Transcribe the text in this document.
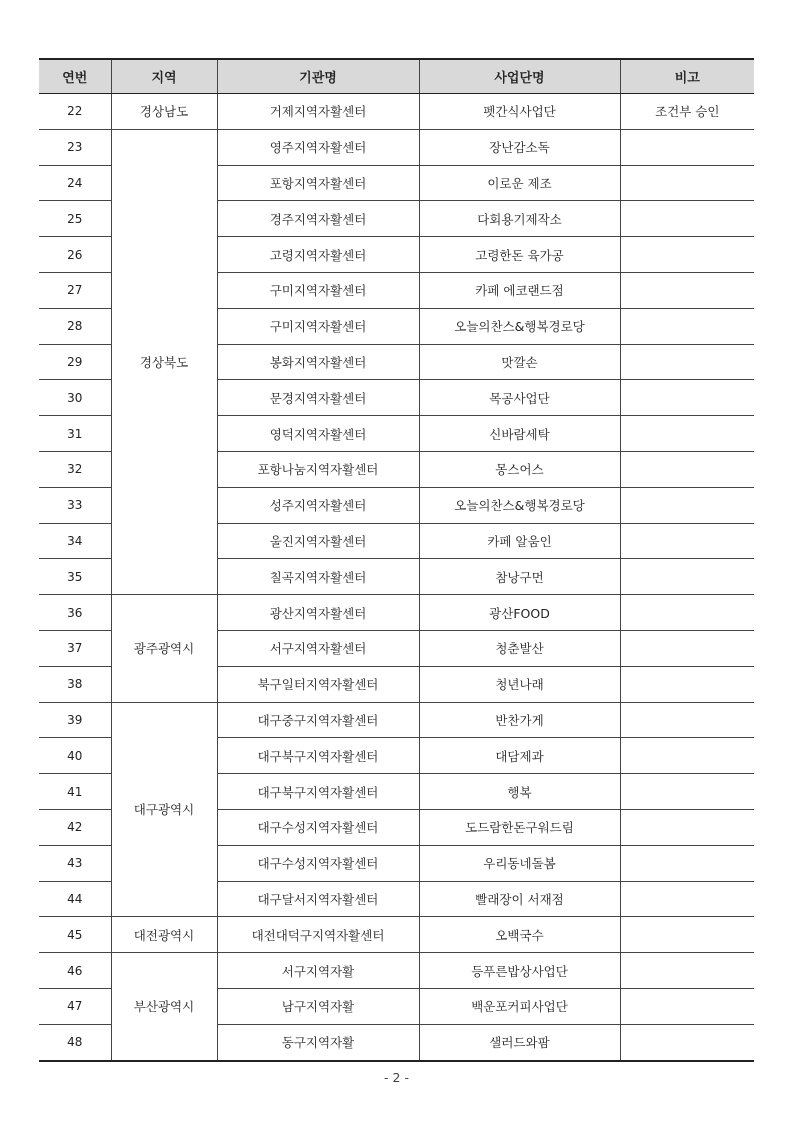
연번	지역	기관명	사업단명	비고
22	경상남도	거제지역자활센터	펫간식사업단	조건부 승인
23	경상북도	영주지역자활센터	장난감소독	
24		포항지역자활센터	이로운 제조	
25		경주지역자활센터	다회용기제작소	
26		고령지역자활센터	고령한돈 육가공	
27		구미지역자활센터	카페 에코랜드점	
28		구미지역자활센터	오늘의찬스&행복경로당	
29		봉화지역자활센터	맛깔손	
30		문경지역자활센터	목공사업단	
31		영덕지역자활센터	신바람세탁	
32		포항나눔지역자활센터	몽스어스	
33		성주지역자활센터	오늘의찬스&행복경로당	
34		울진지역자활센터	카페 알움인	
35		칠곡지역자활센터	참낭구먼	
36	광주광역시	광산지역자활센터	광산FOOD	
37		서구지역자활센터	청춘발산	
38		북구일터지역자활센터	청년나래	
39	대구광역시	대구중구지역자활센터	반찬가게	
40		대구북구지역자활센터	대담제과	
41		대구북구지역자활센터	행복	
42		대구수성지역자활센터	도드람한돈구워드림	
43		대구수성지역자활센터	우리동네돌봄	
44		대구달서지역자활센터	빨래장이 서재점	
45	대전광역시	대전대덕구지역자활센터	오백국수	
46	부산광역시	서구지역자활	등푸른밥상사업단	
47		남구지역자활	백운포커피사업단	
48		동구지역자활	샐러드와팜	
- 2 -
